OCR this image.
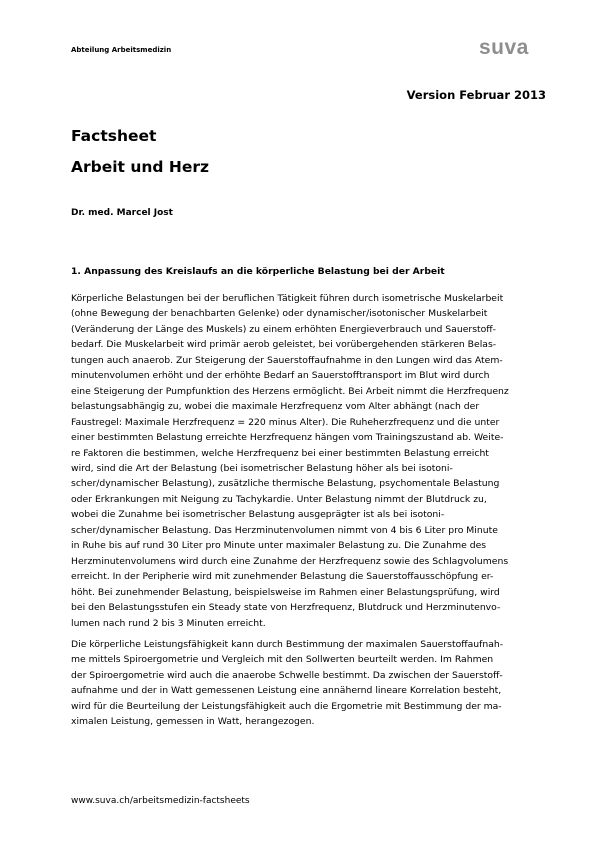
Abteilung Arbeitsmedizin	suva
Version Februar 2013
Factsheet
Arbeit und Herz
Dr. med. Marcel Jost
1. Anpassung des Kreislaufs an die körperliche Belastung bei der Arbeit
Körperliche Belastungen bei der beruflichen Tätigkeit führen durch isometrische Muskelarbeit
(ohne Bewegung der benachbarten Gelenke) oder dynamischer/isotonischer Muskelarbeit
(Veränderung der Länge des Muskels) zu einem erhöhten Energieverbrauch und Sauerstoff-
bedarf. Die Muskelarbeit wird primär aerob geleistet, bei vorübergehenden stärkeren Belas-
tungen auch anaerob. Zur Steigerung der Sauerstoffaufnahme in den Lungen wird das Atem-
minutenvolumen erhöht und der erhöhte Bedarf an Sauerstofftransport im Blut wird durch
eine Steigerung der Pumpfunktion des Herzens ermöglicht. Bei Arbeit nimmt die Herzfrequenz
belastungsabhängig zu, wobei die maximale Herzfrequenz vom Alter abhängt (nach der
Faustregel: Maximale Herzfrequenz = 220 minus Alter). Die Ruheherzfrequenz und die unter
einer bestimmten Belastung erreichte Herzfrequenz hängen vom Trainingszustand ab. Weite-
re Faktoren die bestimmen, welche Herzfrequenz bei einer bestimmten Belastung erreicht
wird, sind die Art der Belastung (bei isometrischer Belastung höher als bei isotoni-
scher/dynamischer Belastung), zusätzliche thermische Belastung, psychomentale Belastung
oder Erkrankungen mit Neigung zu Tachykardie. Unter Belastung nimmt der Blutdruck zu,
wobei die Zunahme bei isometrischer Belastung ausgeprägter ist als bei isotoni-
scher/dynamischer Belastung. Das Herzminutenvolumen nimmt von 4 bis 6 Liter pro Minute
in Ruhe bis auf rund 30 Liter pro Minute unter maximaler Belastung zu. Die Zunahme des
Herzminutenvolumens wird durch eine Zunahme der Herzfrequenz sowie des Schlagvolumens
erreicht. In der Peripherie wird mit zunehmender Belastung die Sauerstoffausschöpfung er-
höht. Bei zunehmender Belastung, beispielsweise im Rahmen einer Belastungsprüfung, wird
bei den Belastungsstufen ein Steady state von Herzfrequenz, Blutdruck und Herzminutenvo-
lumen nach rund 2 bis 3 Minuten erreicht.
Die körperliche Leistungsfähigkeit kann durch Bestimmung der maximalen Sauerstoffaufnah-
me mittels Spiroergometrie und Vergleich mit den Sollwerten beurteilt werden. Im Rahmen
der Spiroergometrie wird auch die anaerobe Schwelle bestimmt. Da zwischen der Sauerstoff-
aufnahme und der in Watt gemessenen Leistung eine annähernd lineare Korrelation besteht,
wird für die Beurteilung der Leistungsfähigkeit auch die Ergometrie mit Bestimmung der ma-
ximalen Leistung, gemessen in Watt, herangezogen.
www.suva.ch/arbeitsmedizin-factsheets
